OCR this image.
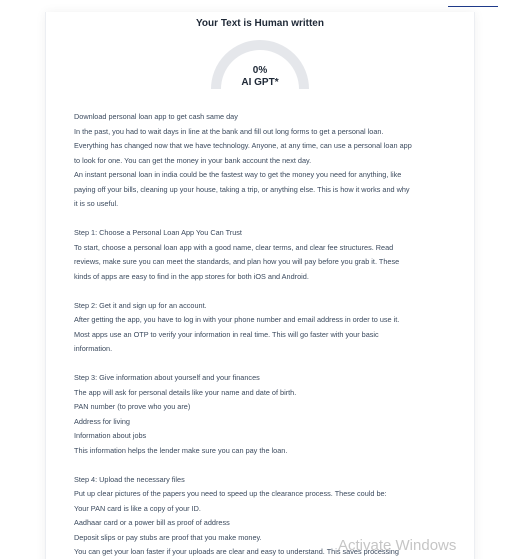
Your Text is Human written
0%
AI GPT*
Download personal loan app to get cash same day
In the past, you had to wait days in line at the bank and fill out long forms to get a personal loan.
Everything has changed now that we have technology. Anyone, at any time, can use a personal loan app
to look for one. You can get the money in your bank account the next day.
An instant personal loan in india could be the fastest way to get the money you need for anything, like
paying off your bills, cleaning up your house, taking a trip, or anything else. This is how it works and why
it is so useful.
Step 1: Choose a Personal Loan App You Can Trust
To start, choose a personal loan app with a good name, clear terms, and clear fee structures. Read
reviews, make sure you can meet the standards, and plan how you will pay before you grab it. These
kinds of apps are easy to find in the app stores for both iOS and Android.
Step 2: Get it and sign up for an account.
After getting the app, you have to log in with your phone number and email address in order to use it.
Most apps use an OTP to verify your information in real time. This will go faster with your basic
information.
Step 3: Give information about yourself and your finances
The app will ask for personal details like your name and date of birth.
PAN number (to prove who you are)
Address for living
Information about jobs
This information helps the lender make sure you can pay the loan.
Step 4: Upload the necessary files
Put up clear pictures of the papers you need to speed up the clearance process. These could be:
Your PAN card is like a copy of your ID.
Aadhaar card or a power bill as proof of address
Deposit slips or pay stubs are proof that you make money.
You can get your loan faster if your uploads are clear and easy to understand. This saves processing
Activate Windows
